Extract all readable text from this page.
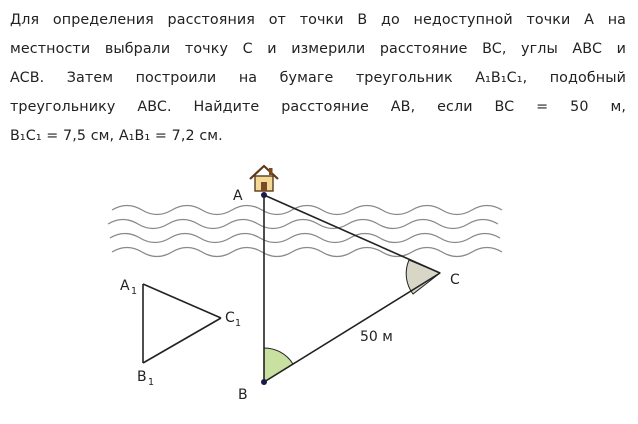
Для определения расстояния от точки B до недоступной точки A на
местности выбрали точку C и измерили расстояние BC, углы ABC и
ACB. Затем построили на бумаге треугольник A₁B₁C₁, подобный
треугольнику ABC. Найдите расстояние AB, если BC = 50 м,
B₁C₁ = 7,5 см, A₁B₁ = 7,2 см.
A
B
C
50 м
A 1
B 1
C 1
